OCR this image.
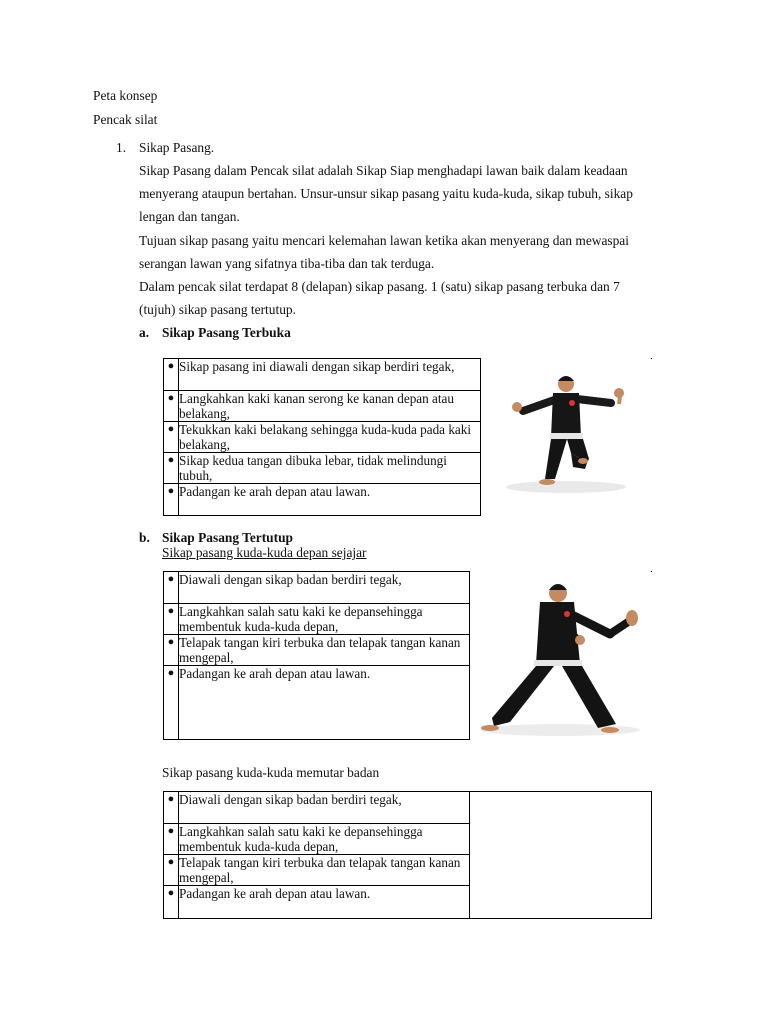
Peta konsep
Pencak silat
1. Sikap Pasang.
Sikap Pasang dalam Pencak silat adalah Sikap Siap menghadapi lawan baik dalam keadaan
menyerang ataupun bertahan. Unsur-unsur sikap pasang yaitu kuda-kuda, sikap tubuh, sikap
lengan dan tangan.
Tujuan sikap pasang yaitu mencari kelemahan lawan ketika akan menyerang dan mewaspai
serangan lawan yang sifatnya tiba-tiba dan tak terduga.
Dalam pencak silat terdapat 8 (delapan) sikap pasang. 1 (satu) sikap pasang terbuka dan 7
(tujuh) sikap pasang tertutup.
a. Sikap Pasang Terbuka
●	Sikap pasang ini diawali dengan sikap berdiri tegak,	

●	Langkahkan kaki kanan serong ke kanan depan atau belakang,	
●	Tekukkan kaki belakang sehingga kuda-kuda pada kaki belakang,	
●	Sikap kedua tangan dibuka lebar, tidak melindungi tubuh,	
●	Padangan ke arah depan atau lawan.	
b. Sikap Pasang Tertutup
Sikap pasang kuda-kuda depan sejajar
●	Diawali dengan sikap badan berdiri tegak,	

●	Langkahkan salah satu kaki ke depansehingga membentuk kuda-kuda depan,	
●	Telapak tangan kiri terbuka dan telapak tangan kanan mengepal,	
●	Padangan ke arah depan atau lawan.	
Sikap pasang kuda-kuda memutar badan
●	Diawali dengan sikap badan berdiri tegak,	
●	Langkahkan salah satu kaki ke depansehingga membentuk kuda-kuda depan,	
●	Telapak tangan kiri terbuka dan telapak tangan kanan mengepal,	
●	Padangan ke arah depan atau lawan.	
